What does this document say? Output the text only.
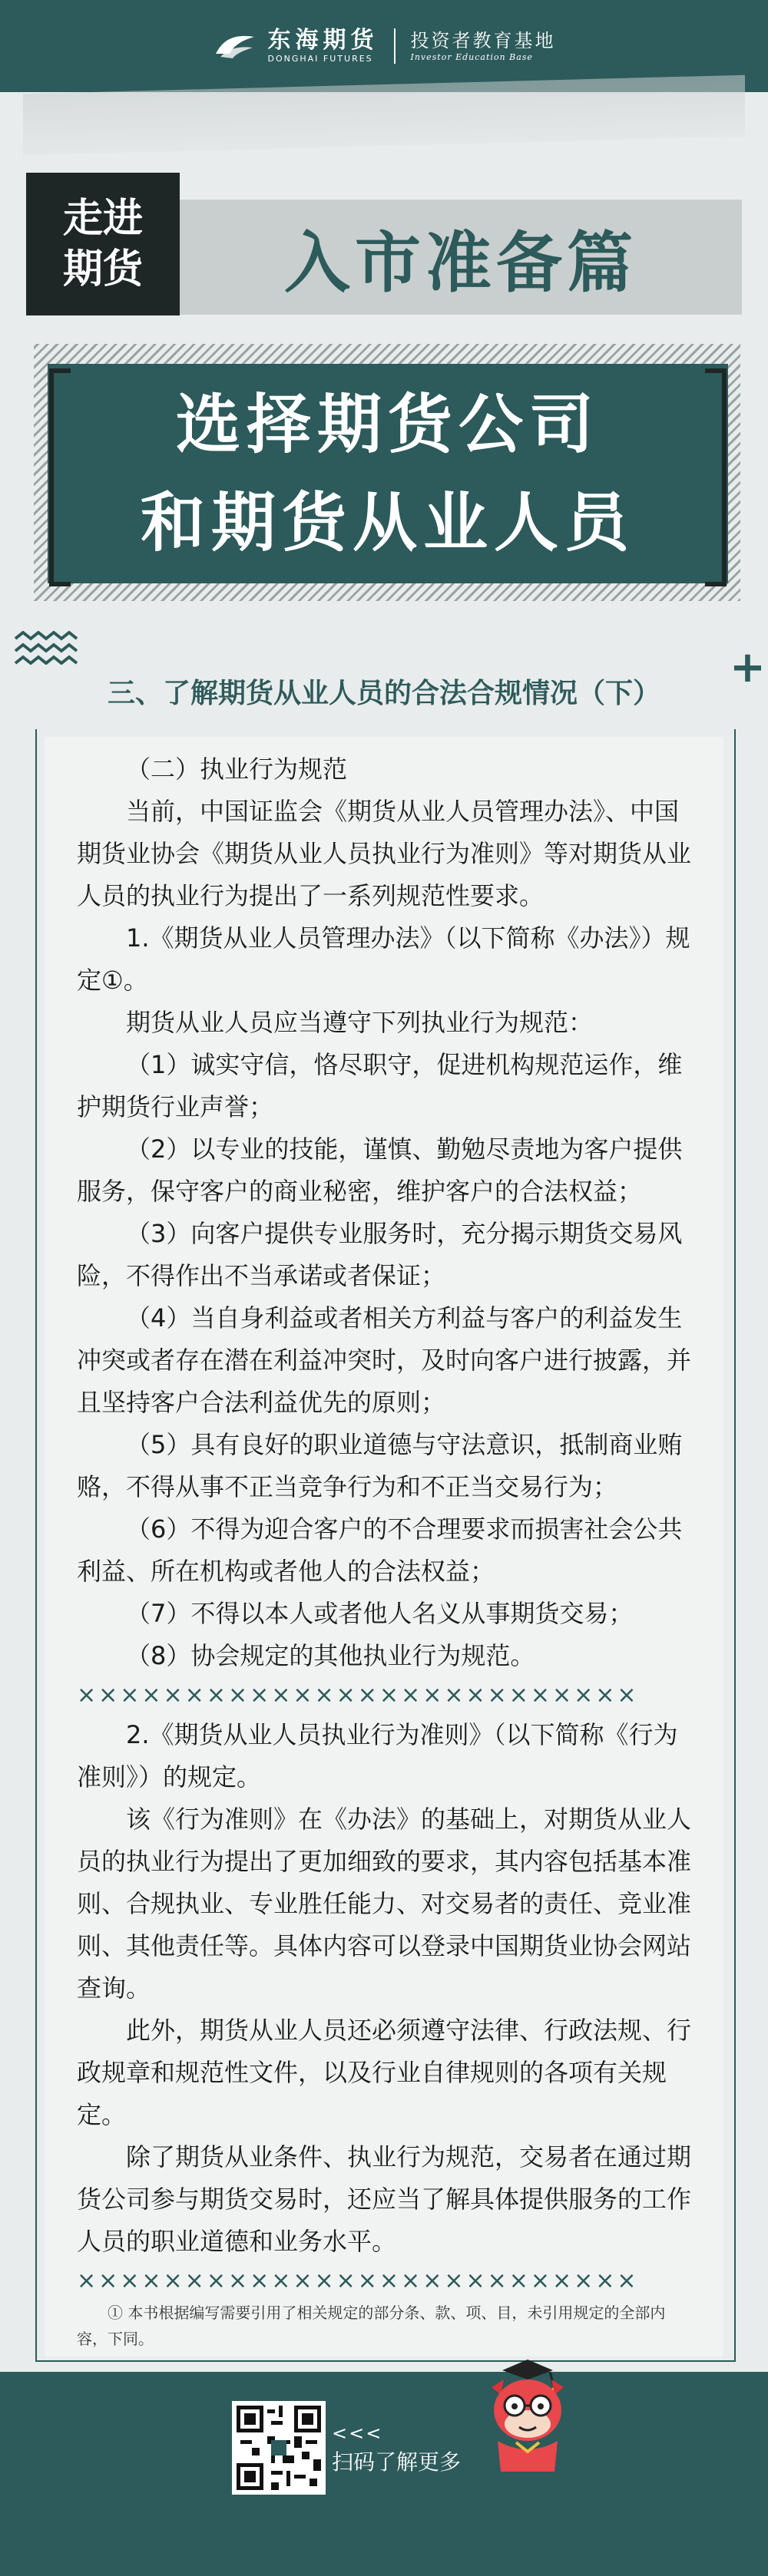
东海期货
DONGHAI FUTURES
投资者教育基地
Investor Education Base
走进
期货 入市准备篇
选择期货公司
和期货从业人员
+
三、了解期货从业人员的合法合规情况（下）

（二）执业行为规范

当前，中国证监会《期货从业人员管理办法》、中国期货业协会《期货从业人员执业行为准则》等对期货从业人员的执业行为提出了一系列规范性要求。

1.《期货从业人员管理办法》（以下简称《办法》）规定①。

期货从业人员应当遵守下列执业行为规范：

（1）诚实守信，恪尽职守，促进机构规范运作，维护期货行业声誉；

（2）以专业的技能，谨慎、勤勉尽责地为客户提供服务，保守客户的商业秘密，维护客户的合法权益；

（3）向客户提供专业服务时，充分揭示期货交易风险，不得作出不当承诺或者保证；

（4）当自身利益或者相关方利益与客户的利益发生冲突或者存在潜在利益冲突时，及时向客户进行披露，并且坚持客户合法利益优先的原则；

（5）具有良好的职业道德与守法意识，抵制商业贿赂，不得从事不正当竞争行为和不正当交易行为；

（6）不得为迎合客户的不合理要求而损害社会公共利益、所在机构或者他人的合法权益；

（7）不得以本人或者他人名义从事期货交易；

（8）协会规定的其他执业行为规范。

××××××××××××××××××××××××××

2.《期货从业人员执业行为准则》（以下简称《行为准则》）的规定。

该《行为准则》在《办法》的基础上，对期货从业人员的执业行为提出了更加细致的要求，其内容包括基本准则、合规执业、专业胜任能力、对交易者的责任、竞业准则、其他责任等。具体内容可以登录中国期货业协会网站查询。

此外，期货从业人员还必须遵守法律、行政法规、行政规章和规范性文件，以及行业自律规则的各项有关规定。

除了期货从业条件、执业行为规范，交易者在通过期货公司参与期货交易时，还应当了解具体提供服务的工作人员的职业道德和业务水平。

××××××××××××××××××××××××××

① 本书根据编写需要引用了相关规定的部分条、款、项、目，未引用规定的全部内容，下同。

<<<
扫码了解更多
